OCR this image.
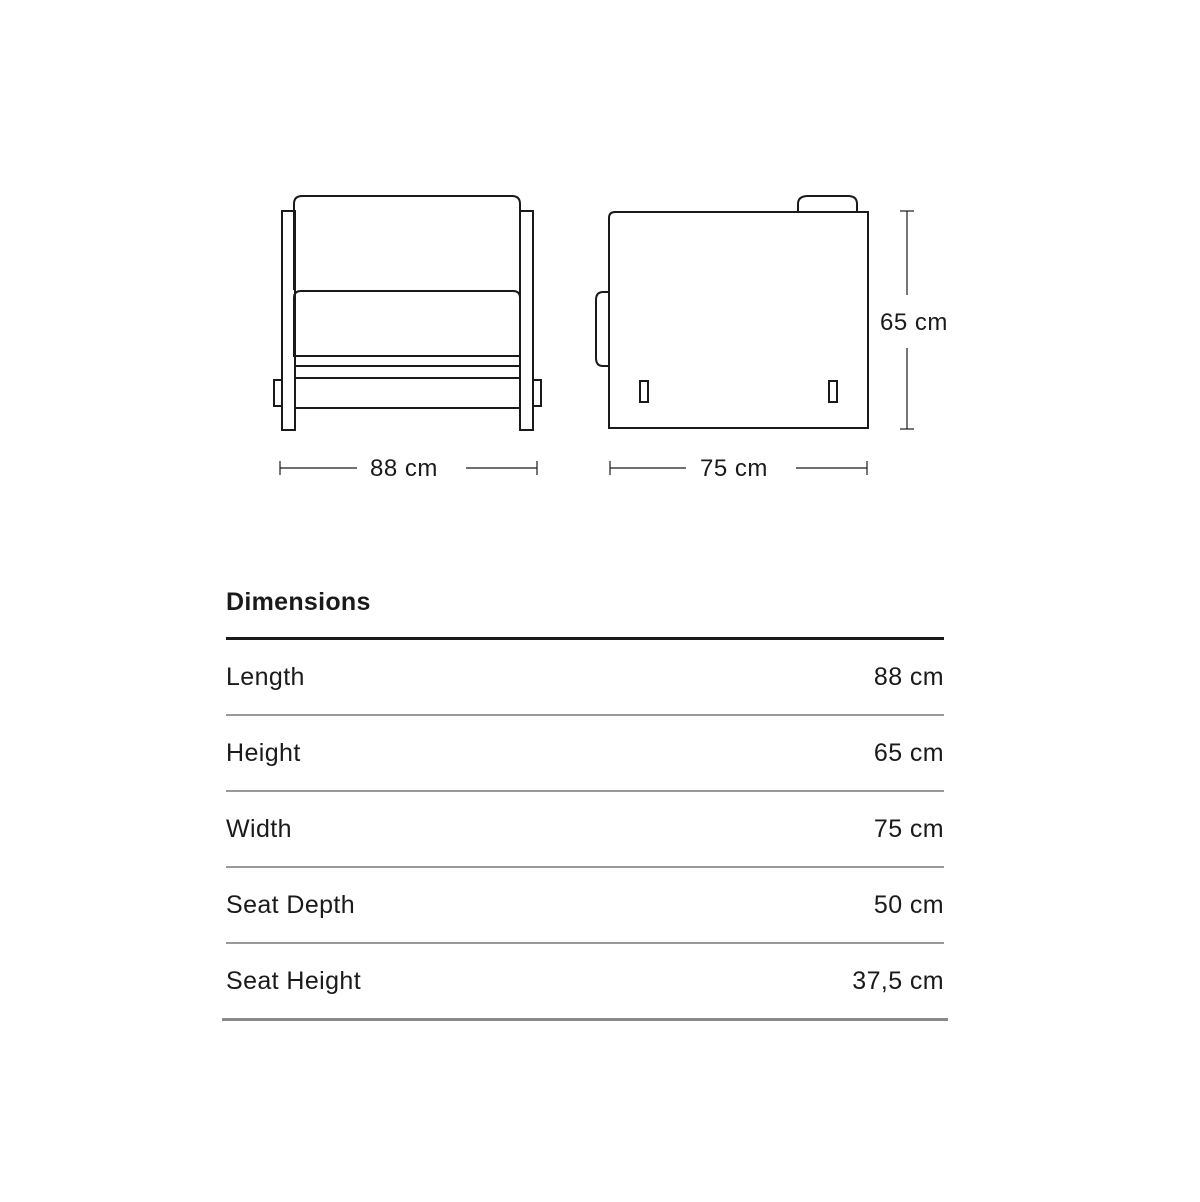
88 cm	75 cm
65 cm
Dimensions
Length	88 cm
Height	65 cm
Width	75 cm
Seat Depth	50 cm
Seat Height	37,5 cm
